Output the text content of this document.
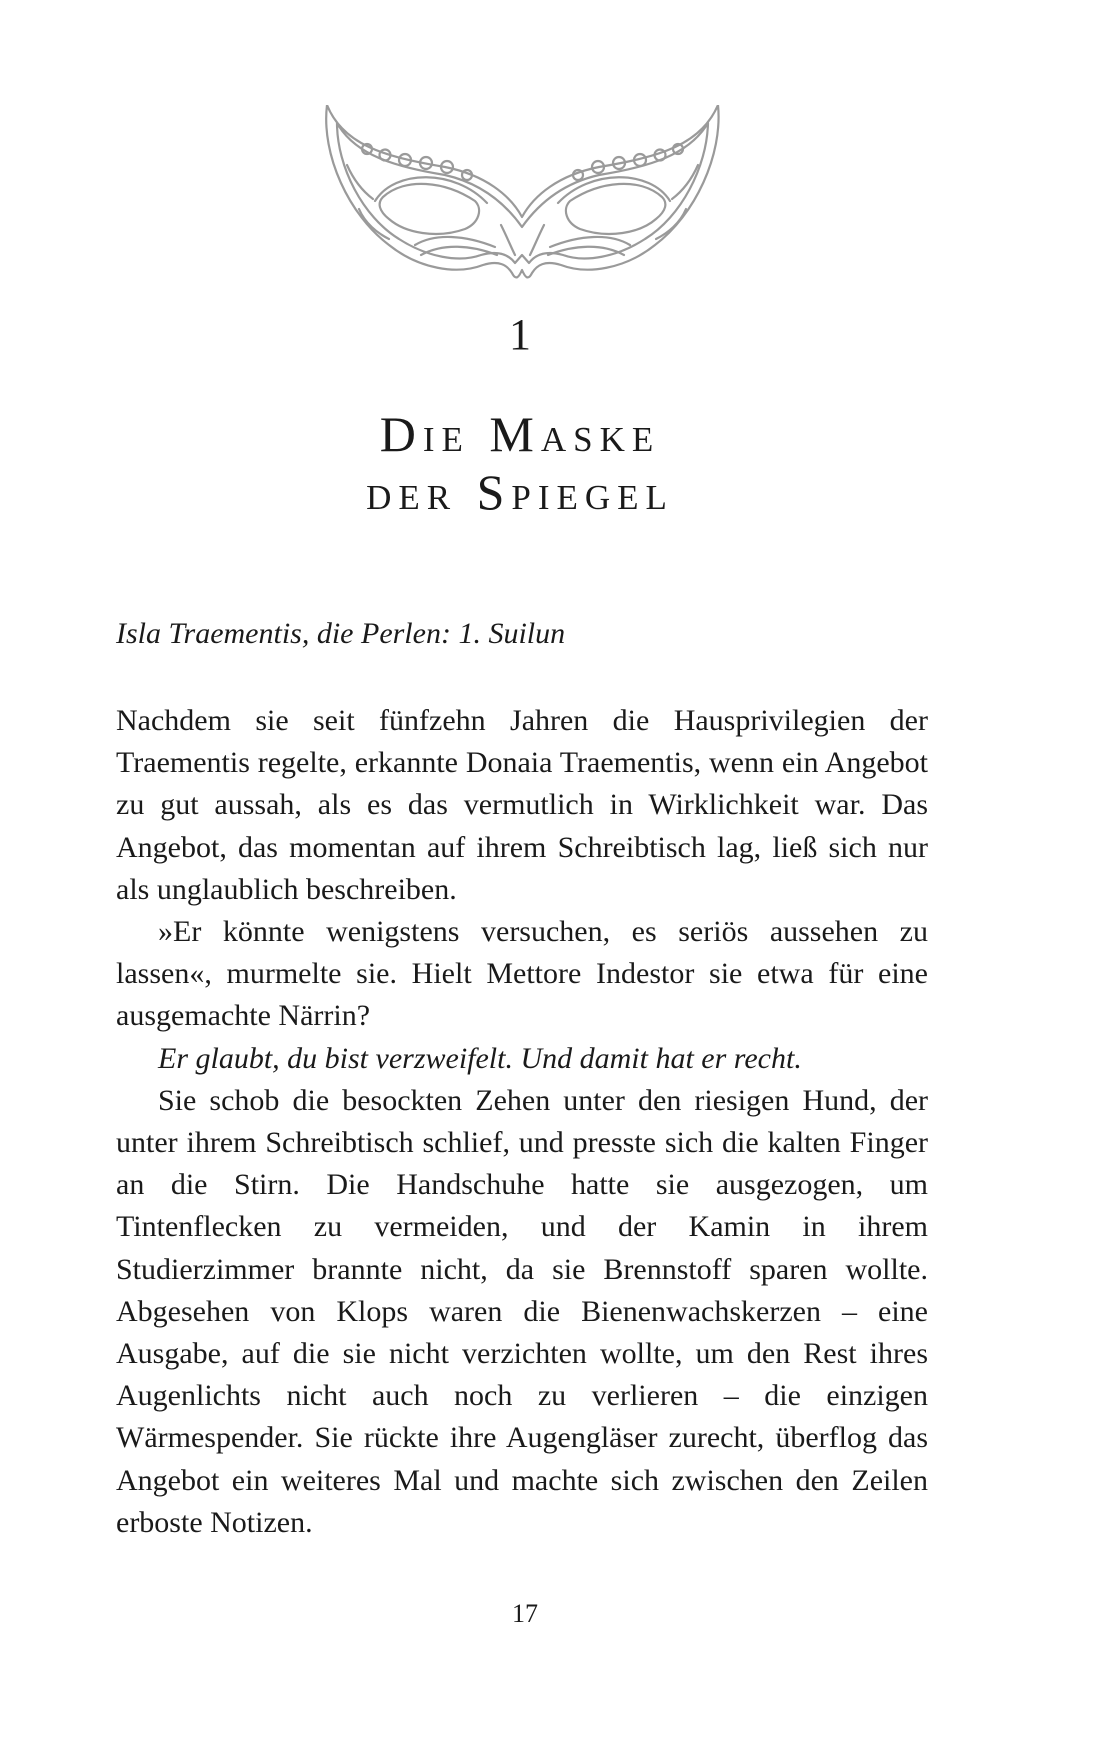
1
Die Maske
der Spiegel
Isla Traementis, die Perlen: 1. Suilun

Nachdem sie seit fünfzehn Jahren die Hausprivilegien der Traementis regelte, erkannte Donaia Traementis, wenn ein Angebot zu gut aussah, als es das vermutlich in Wirklichkeit war. Das Angebot, das momentan auf ihrem Schreibtisch lag, ließ sich nur als unglaublich beschreiben.

»Er könnte wenigstens versuchen, es seriös aussehen zu lassen«, murmelte sie. Hielt Mettore Indestor sie etwa für eine ausgemachte Närrin?

Er glaubt, du bist verzweifelt. Und damit hat er recht.

Sie schob die besockten Zehen unter den riesigen Hund, der unter ihrem Schreibtisch schlief, und presste sich die kalten Finger an die Stirn. Die Handschuhe hatte sie ausgezogen, um Tintenflecken zu vermeiden, und der Kamin in ihrem Studierzimmer brannte nicht, da sie Brennstoff sparen wollte. Abgesehen von Klops waren die Bienenwachskerzen – eine Ausgabe, auf die sie nicht verzichten wollte, um den Rest ihres Augenlichts nicht auch noch zu verlieren – die einzigen Wärmespender. Sie rückte ihre Augengläser zurecht, überflog das Angebot ein weiteres Mal und machte sich zwischen den Zeilen erboste Notizen.

17
